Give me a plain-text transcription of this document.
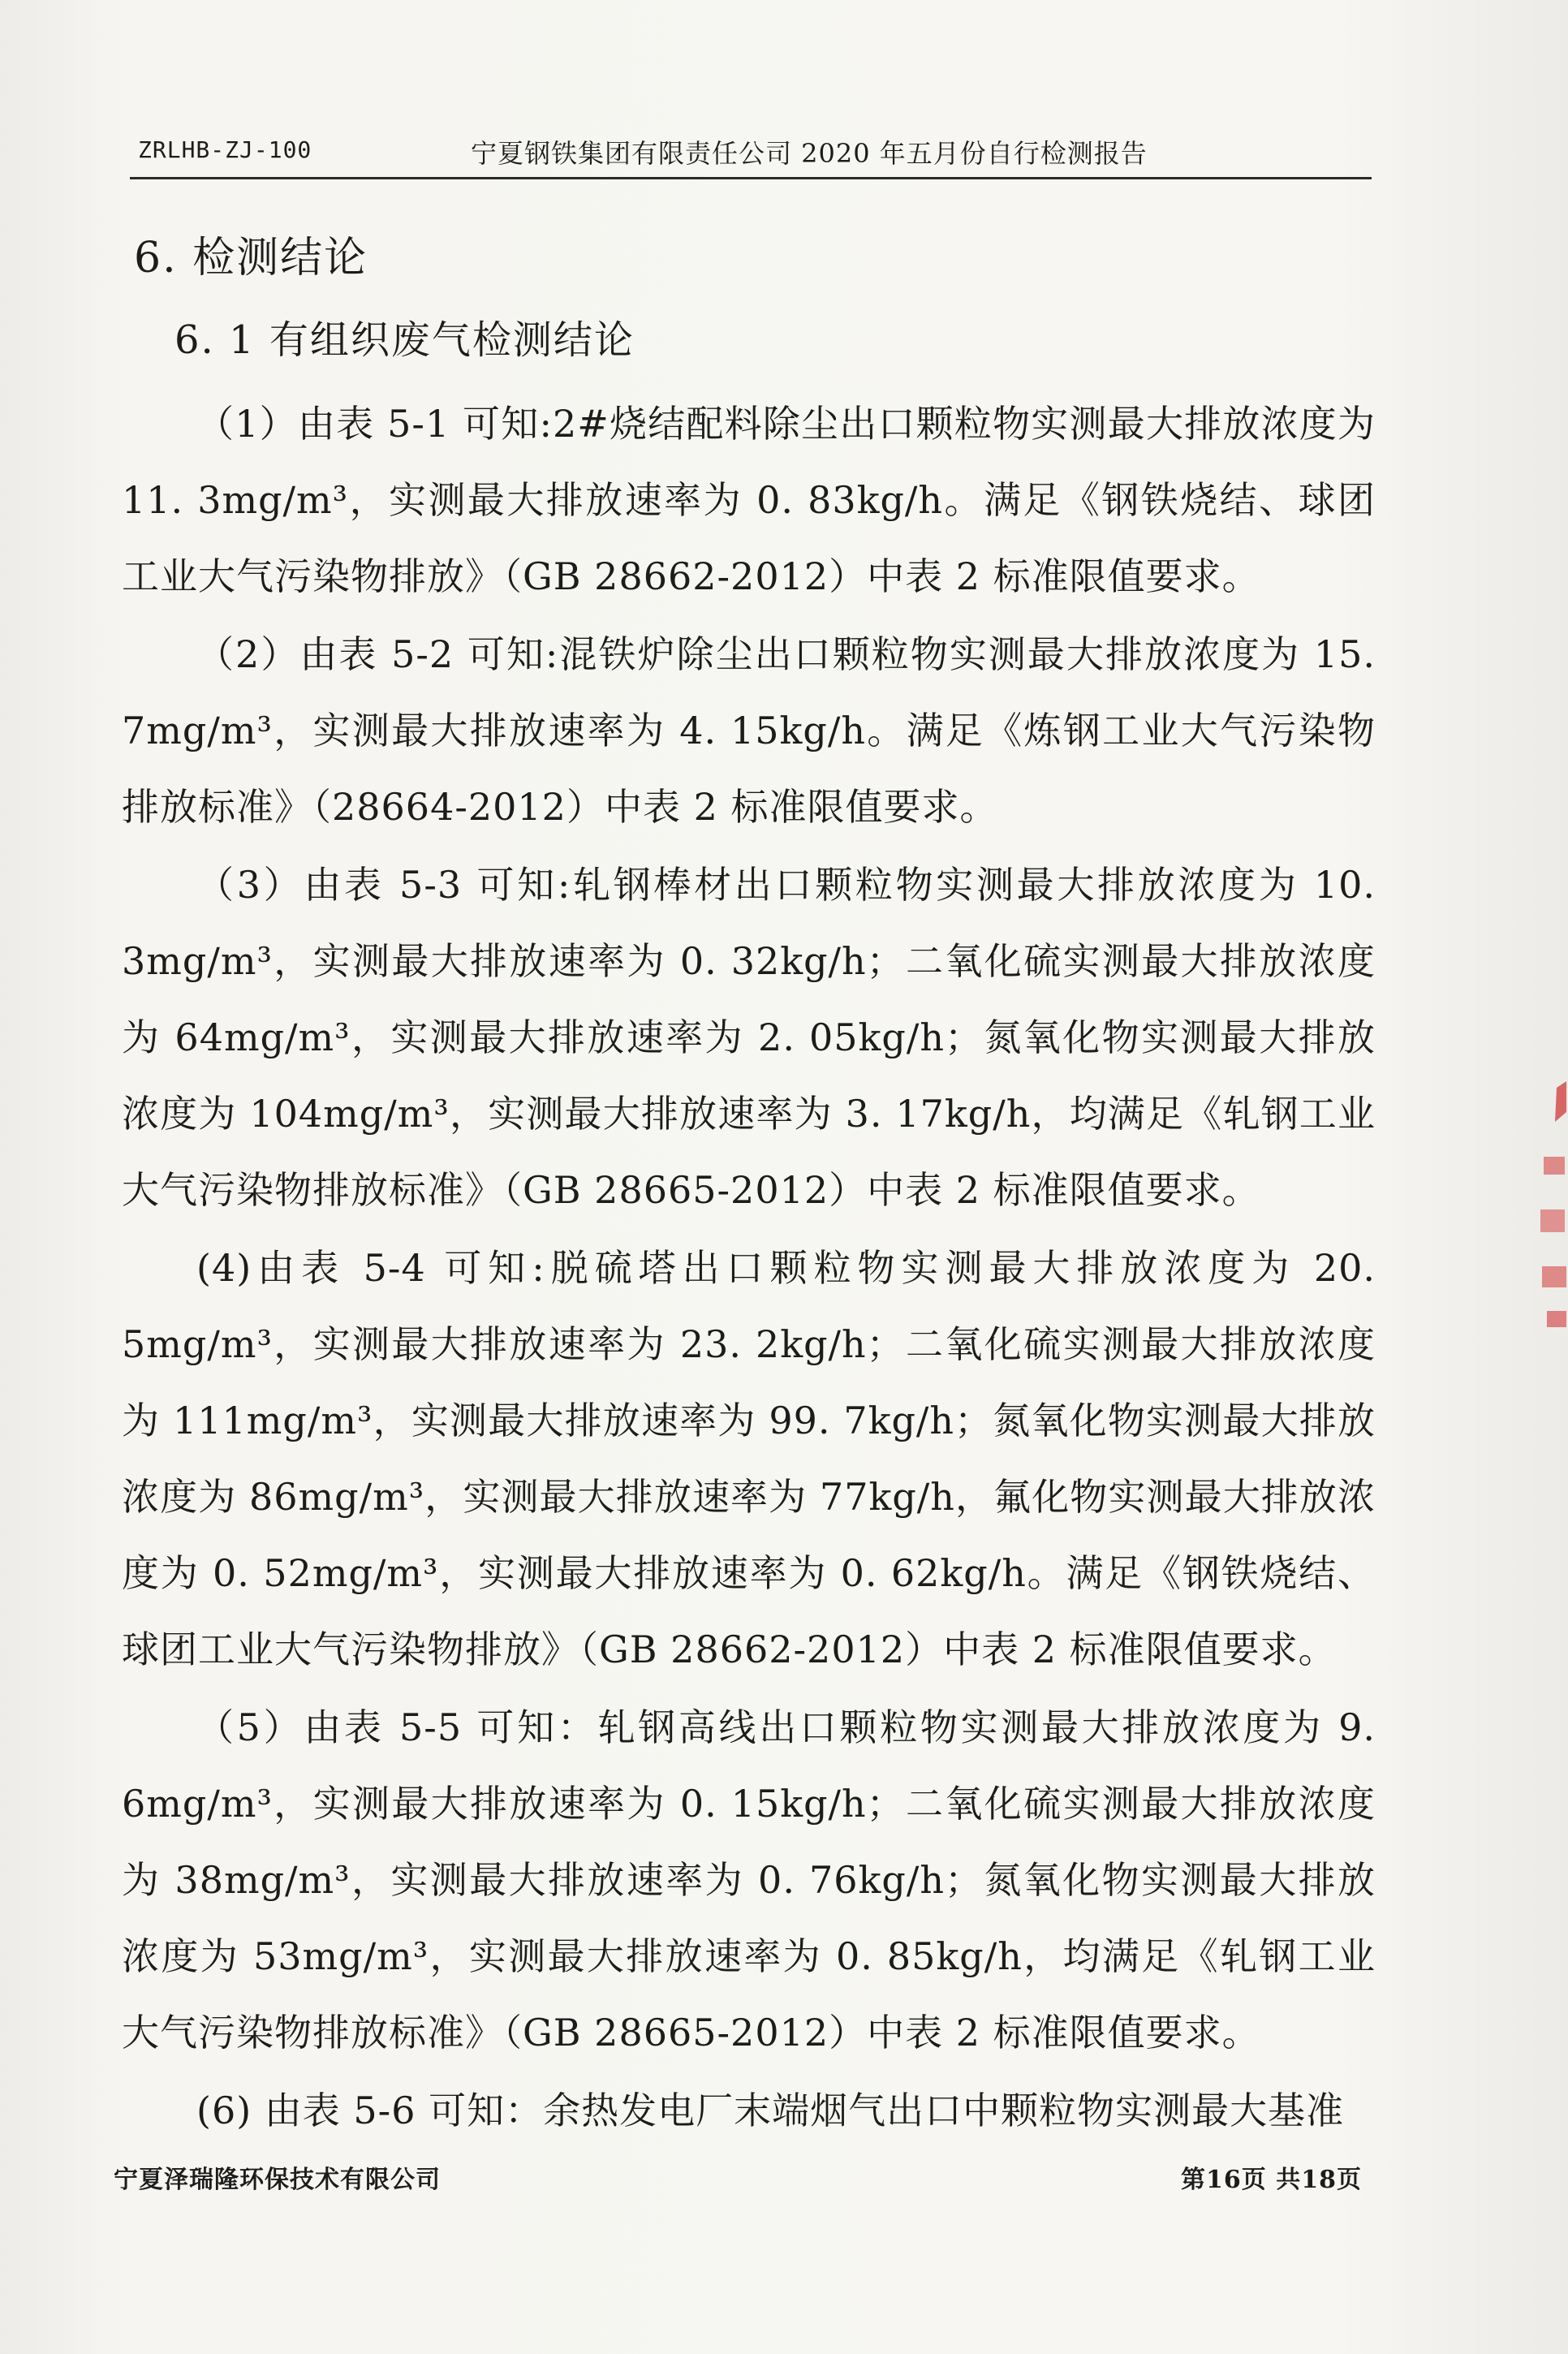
ZRLHB-ZJ-100	宁夏钢铁集团有限责任公司 2020 年五月份自行检测报告
6. 检测结论
6. 1 有组织废气检测结论

（1）由表 5-1 可知:2#烧结配料除尘出口颗粒物实测最大排放浓度为 11. 3mg/m³，实测最大排放速率为 0. 83kg/h。满足《钢铁烧结、球团工业大气污染物排放》（GB 28662-2012）中表 2 标准限值要求。

（2）由表 5-2 可知:混铁炉除尘出口颗粒物实测最大排放浓度为 15. 7mg/m³，实测最大排放速率为 4. 15kg/h。满足《炼钢工业大气污染物排放标准》（28664-2012）中表 2 标准限值要求。

（3）由表 5-3 可知:轧钢棒材出口颗粒物实测最大排放浓度为 10. 3mg/m³，实测最大排放速率为 0. 32kg/h；二氧化硫实测最大排放浓度为 64mg/m³，实测最大排放速率为 2. 05kg/h；氮氧化物实测最大排放浓度为 104mg/m³，实测最大排放速率为 3. 17kg/h，均满足《轧钢工业大气污染物排放标准》（GB 28665-2012）中表 2 标准限值要求。

(4)由表 5-4 可知:脱硫塔出口颗粒物实测最大排放浓度为 20. 5mg/m³，实测最大排放速率为 23. 2kg/h；二氧化硫实测最大排放浓度为 111mg/m³，实测最大排放速率为 99. 7kg/h；氮氧化物实测最大排放浓度为 86mg/m³，实测最大排放速率为 77kg/h，氟化物实测最大排放浓度为 0. 52mg/m³，实测最大排放速率为 0. 62kg/h。满足《钢铁烧结、球团工业大气污染物排放》（GB 28662-2012）中表 2 标准限值要求。

（5）由表 5-5 可知：轧钢高线出口颗粒物实测最大排放浓度为 9. 6mg/m³，实测最大排放速率为 0. 15kg/h；二氧化硫实测最大排放浓度为 38mg/m³，实测最大排放速率为 0. 76kg/h；氮氧化物实测最大排放浓度为 53mg/m³，实测最大排放速率为 0. 85kg/h，均满足《轧钢工业大气污染物排放标准》（GB 28665-2012）中表 2 标准限值要求。

(6) 由表 5-6 可知：余热发电厂末端烟气出口中颗粒物实测最大基准

宁夏泽瑞隆环保技术有限公司	第16页 共18页
